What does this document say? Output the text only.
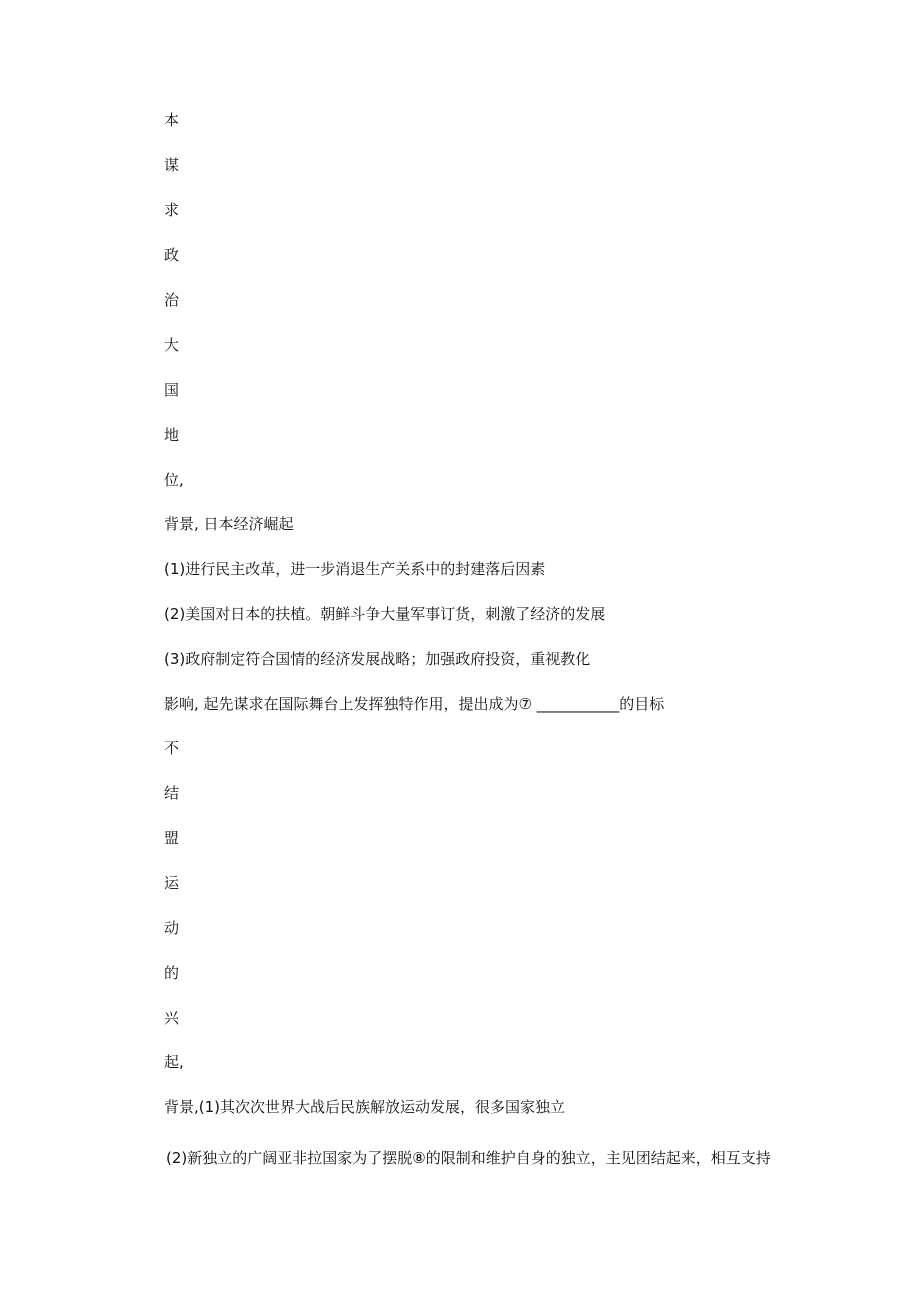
本
谋
求
政
治
大
国
地
位,
背景, 日本经济崛起
(1)进行民主改革，进一步消退生产关系中的封建落后因素
(2)美国对日本的扶植。朝鲜斗争大量军事订货，刺激了经济的发展
(3)政府制定符合国情的经济发展战略；加强政府投资，重视教化
影响, 起先谋求在国际舞台上发挥独特作用，提出成为⑦ ___________的目标
不
结
盟
运
动
的
兴
起,
背景,(1)其次次世界大战后民族解放运动发展，很多国家独立
(2)新独立的广阔亚非拉国家为了摆脱⑧的限制和维护自身的独立，主见团结起来，相互支持
